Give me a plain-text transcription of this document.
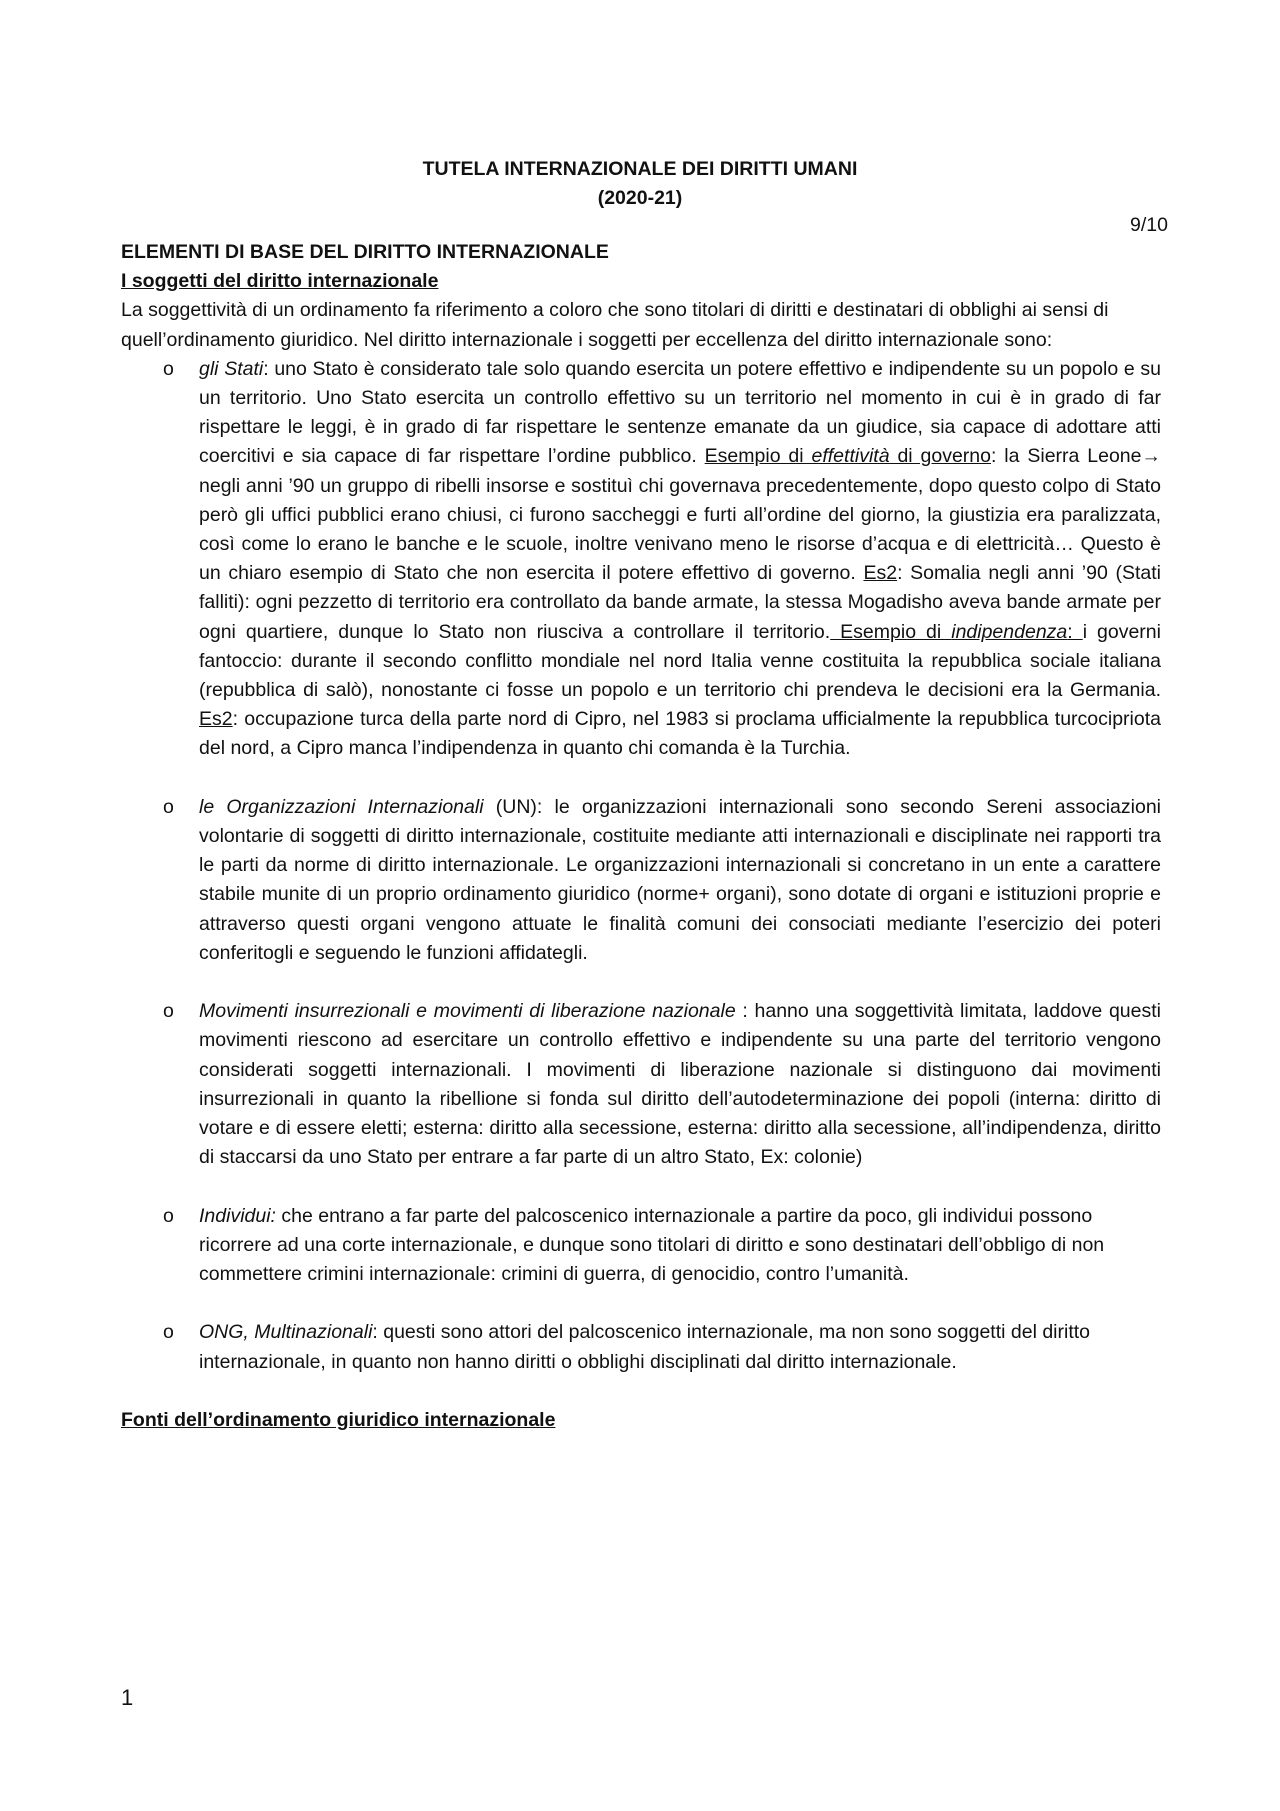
TUTELA INTERNAZIONALE DEI DIRITTI UMANI
(2020-21)
9/10

ELEMENTI DI BASE DEL DIRITTO INTERNAZIONALE

I soggetti del diritto internazionale

La soggettività di un ordinamento fa riferimento a coloro che sono titolari di diritti e destinatari di obblighi ai sensi di quell’ordinamento giuridico. Nel diritto internazionale i soggetti per eccellenza del diritto internazionale sono:

o gli Stati: uno Stato è considerato tale solo quando esercita un potere effettivo e indipendente su un popolo e su un territorio. Uno Stato esercita un controllo effettivo su un territorio nel momento in cui è in grado di far rispettare le leggi, è in grado di far rispettare le sentenze emanate da un giudice, sia capace di adottare atti coercitivi e sia capace di far rispettare l’ordine pubblico. Esempio di effettività di governo: la Sierra Leone→ negli anni ’90 un gruppo di ribelli insorse e sostituì chi governava precedentemente, dopo questo colpo di Stato però gli uffici pubblici erano chiusi, ci furono saccheggi e furti all’ordine del giorno, la giustizia era paralizzata, così come lo erano le banche e le scuole, inoltre venivano meno le risorse d’acqua e di elettricità… Questo è un chiaro esempio di Stato che non esercita il potere effettivo di governo. Es2: Somalia negli anni ’90 (Stati falliti): ogni pezzetto di territorio era controllato da bande armate, la stessa Mogadisho aveva bande armate per ogni quartiere, dunque lo Stato non riusciva a controllare il territorio. Esempio di indipendenza: i governi fantoccio: durante il secondo conflitto mondiale nel nord Italia venne costituita la repubblica sociale italiana (repubblica di salò), nonostante ci fosse un popolo e un territorio chi prendeva le decisioni era la Germania. Es2: occupazione turca della parte nord di Cipro, nel 1983 si proclama ufficialmente la repubblica turcocipriota del nord, a Cipro manca l’indipendenza in quanto chi comanda è la Turchia.
o le Organizzazioni Internazionali (UN): le organizzazioni internazionali sono secondo Sereni associazioni volontarie di soggetti di diritto internazionale, costituite mediante atti internazionali e disciplinate nei rapporti tra le parti da norme di diritto internazionale. Le organizzazioni internazionali si concretano in un ente a carattere stabile munite di un proprio ordinamento giuridico (norme+ organi), sono dotate di organi e istituzioni proprie e attraverso questi organi vengono attuate le finalità comuni dei consociati mediante l’esercizio dei poteri conferitogli e seguendo le funzioni affidategli.
o Movimenti insurrezionali e movimenti di liberazione nazionale : hanno una soggettività limitata, laddove questi movimenti riescono ad esercitare un controllo effettivo e indipendente su una parte del territorio vengono considerati soggetti internazionali. I movimenti di liberazione nazionale si distinguono dai movimenti insurrezionali in quanto la ribellione si fonda sul diritto dell’autodeterminazione dei popoli (interna: diritto di votare e di essere eletti; esterna: diritto alla secessione, esterna: diritto alla secessione, all’indipendenza, diritto di staccarsi da uno Stato per entrare a far parte di un altro Stato, Ex: colonie)
o Individui: che entrano a far parte del palcoscenico internazionale a partire da poco, gli individui possono ricorrere ad una corte internazionale, e dunque sono titolari di diritto e sono destinatari dell’obbligo di non commettere crimini internazionale: crimini di guerra, di genocidio, contro l’umanità.
o ONG, Multinazionali: questi sono attori del palcoscenico internazionale, ma non sono soggetti del diritto internazionale, in quanto non hanno diritti o obblighi disciplinati dal diritto internazionale.

Fonti dell’ordinamento giuridico internazionale

1
